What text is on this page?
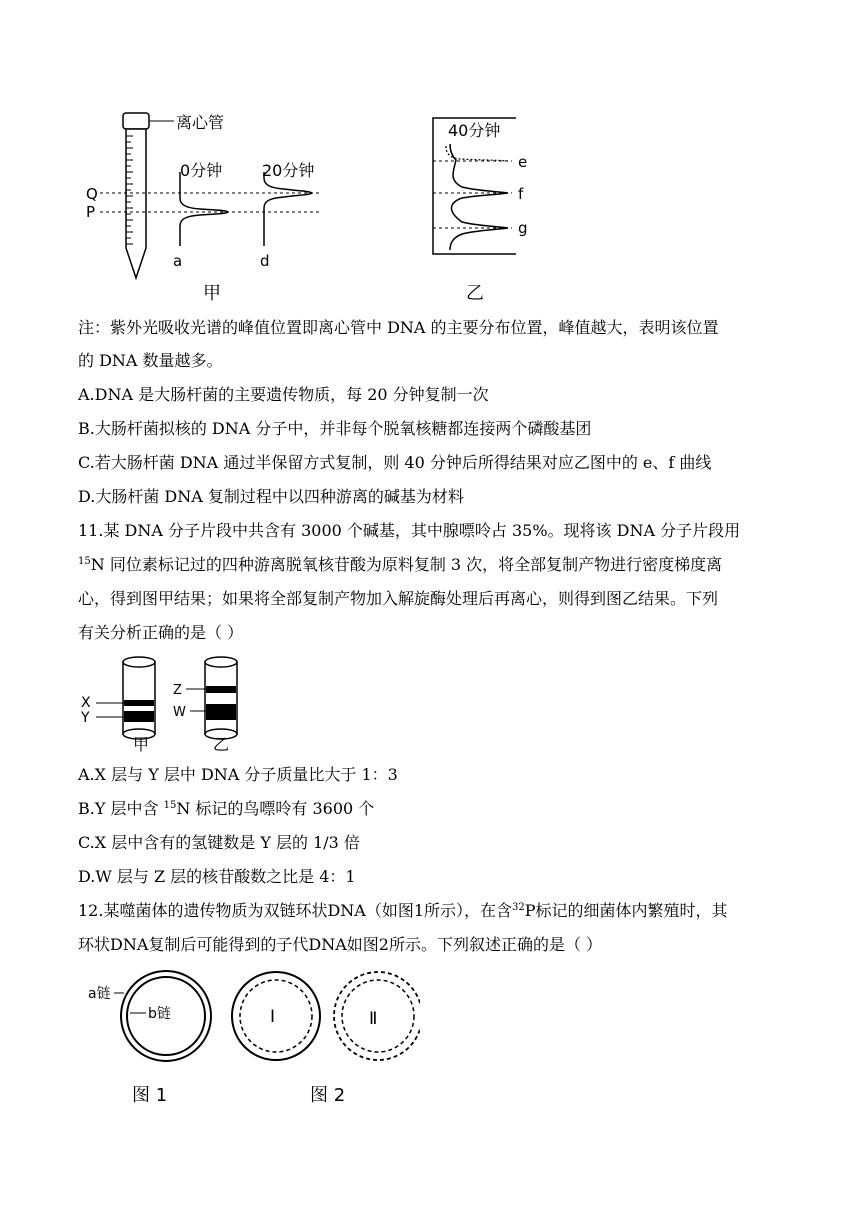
离心管
Q
P
0分钟 20分钟
a	d
甲
40分钟
e
f
g
乙
注：紫外光吸收光谱的峰值位置即离心管中 DNA 的主要分布位置，峰值越大，表明该位置
的 DNA 数量越多。
A.DNA 是大肠杆菌的主要遗传物质，每 20 分钟复制一次
B.大肠杆菌拟核的 DNA 分子中，并非每个脱氧核糖都连接两个磷酸基团
C.若大肠杆菌 DNA 通过半保留方式复制，则 40 分钟后所得结果对应乙图中的 e、f 曲线
D.大肠杆菌 DNA 复制过程中以四种游离的碱基为材料
11.某 DNA 分子片段中共含有 3000 个碱基，其中腺嘌呤占 35%。现将该 DNA 分子片段用
$^{15}$N 同位素标记过的四种游离脱氧核苷酸为原料复制 3 次，将全部复制产物进行密度梯度离
心，得到图甲结果；如果将全部复制产物加入解旋酶处理后再离心，则得到图乙结果。下列
有关分析正确的是（ ）
X
Y
Z
W
甲	乙
A.X 层与 Y 层中 DNA 分子质量比大于 1：3
B.Y 层中含 $^{15}$N 标记的鸟嘌呤有 3600 个
C.X 层中含有的氢键数是 Y 层的 1/3 倍
D.W 层与 Z 层的核苷酸数之比是 4：1
12.某噬菌体的遗传物质为双链环状DNA（如图1所示），在含$^{32}$P标记的细菌体内繁殖时，其
环状DNA复制后可能得到的子代DNA如图2所示。下列叙述正确的是（ ）
a链
b链	Ⅰ	Ⅱ
图 1	图 2
